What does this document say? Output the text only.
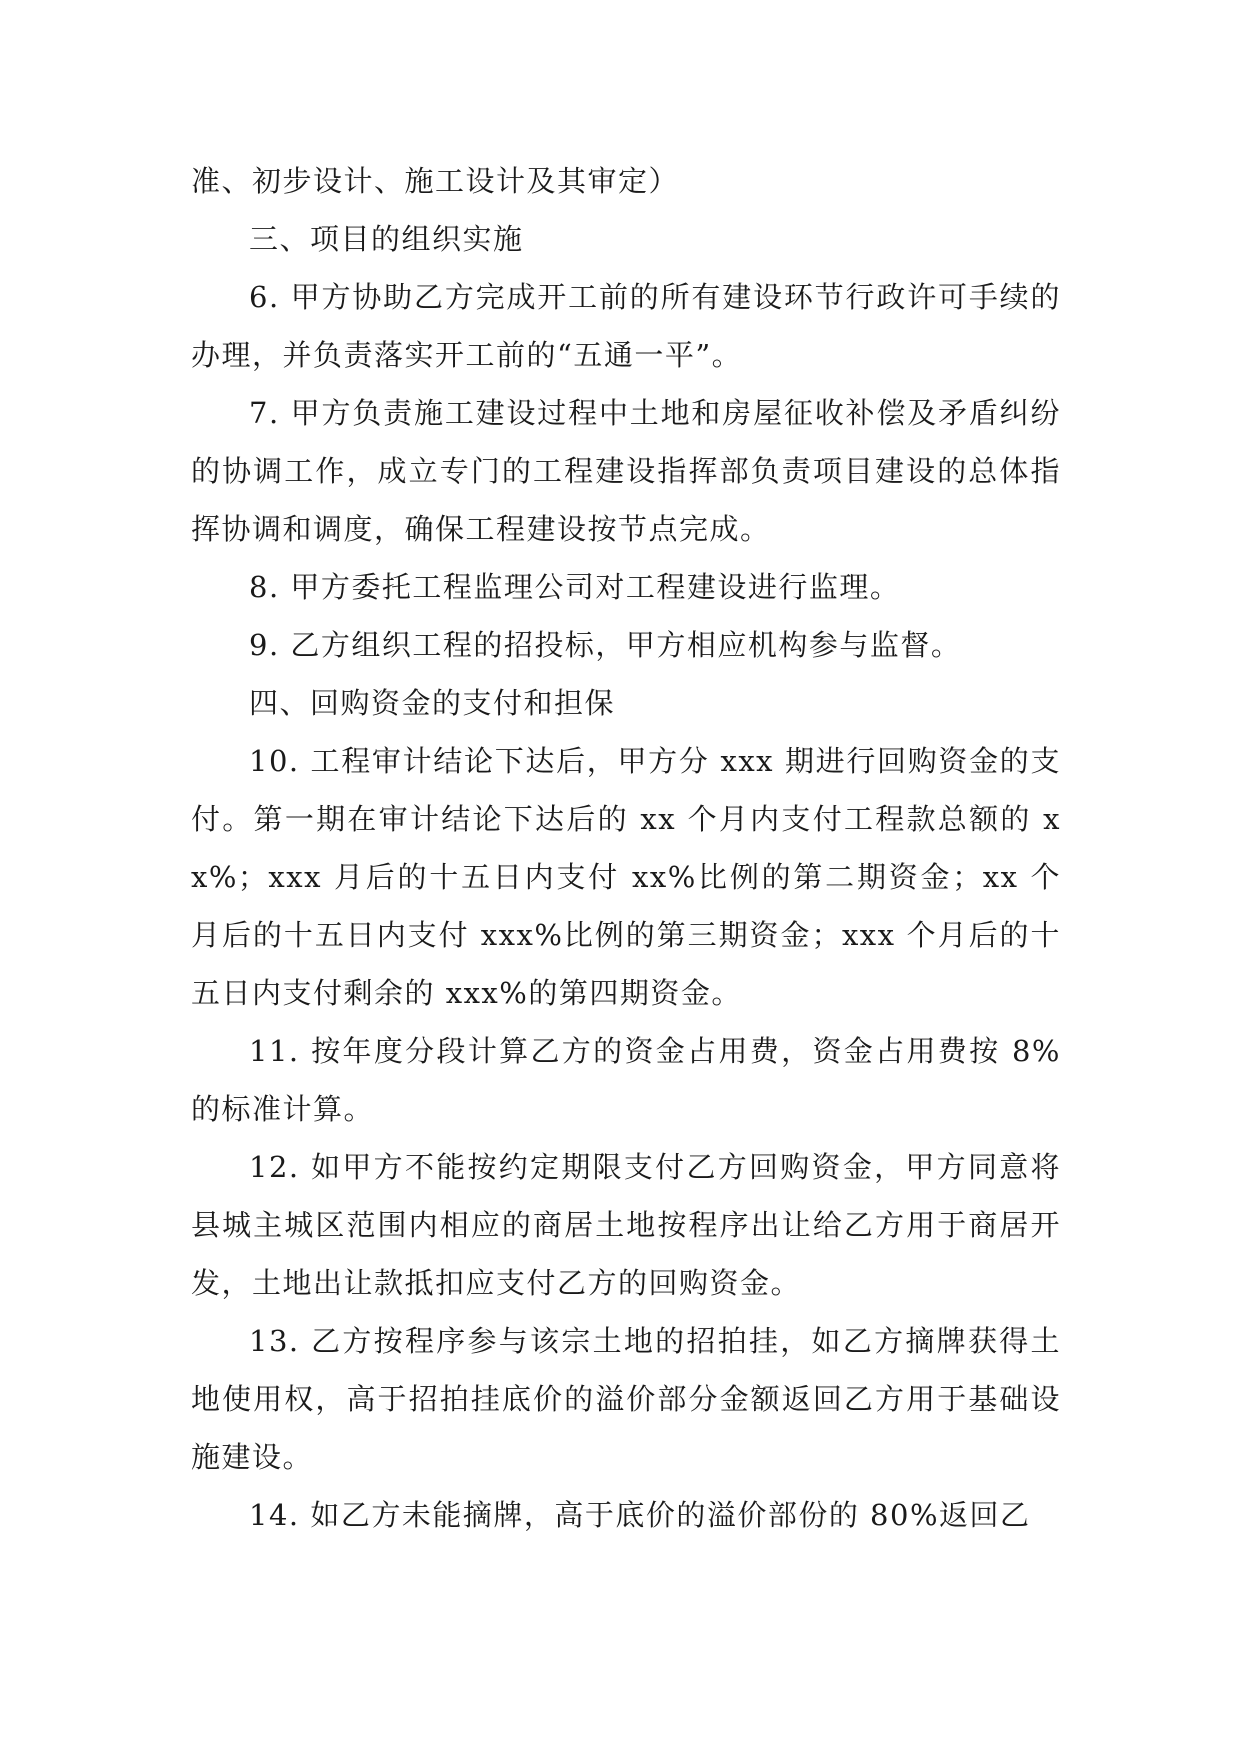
准、初步设计、施工设计及其审定）

三、项目的组织实施

6. 甲方协助乙方完成开工前的所有建设环节行政许可手续的办理，并负责落实开工前的“五通一平”。

7. 甲方负责施工建设过程中土地和房屋征收补偿及矛盾纠纷的协调工作，成立专门的工程建设指挥部负责项目建设的总体指挥协调和调度，确保工程建设按节点完成。

8. 甲方委托工程监理公司对工程建设进行监理。

9. 乙方组织工程的招投标，甲方相应机构参与监督。

四、回购资金的支付和担保

10. 工程审计结论下达后，甲方分 xxx 期进行回购资金的支付。第一期在审计结论下达后的 xx 个月内支付工程款总额的 xx%；xxx 月后的十五日内支付 xx%比例的第二期资金；xx 个月后的十五日内支付 xxx%比例的第三期资金；xxx 个月后的十五日内支付剩余的 xxx%的第四期资金。

11. 按年度分段计算乙方的资金占用费，资金占用费按 8%的标准计算。

12. 如甲方不能按约定期限支付乙方回购资金，甲方同意将县城主城区范围内相应的商居土地按程序出让给乙方用于商居开发，土地出让款抵扣应支付乙方的回购资金。

13. 乙方按程序参与该宗土地的招拍挂，如乙方摘牌获得土地使用权，高于招拍挂底价的溢价部分金额返回乙方用于基础设施建设。

14. 如乙方未能摘牌，高于底价的溢价部份的 80%返回乙
